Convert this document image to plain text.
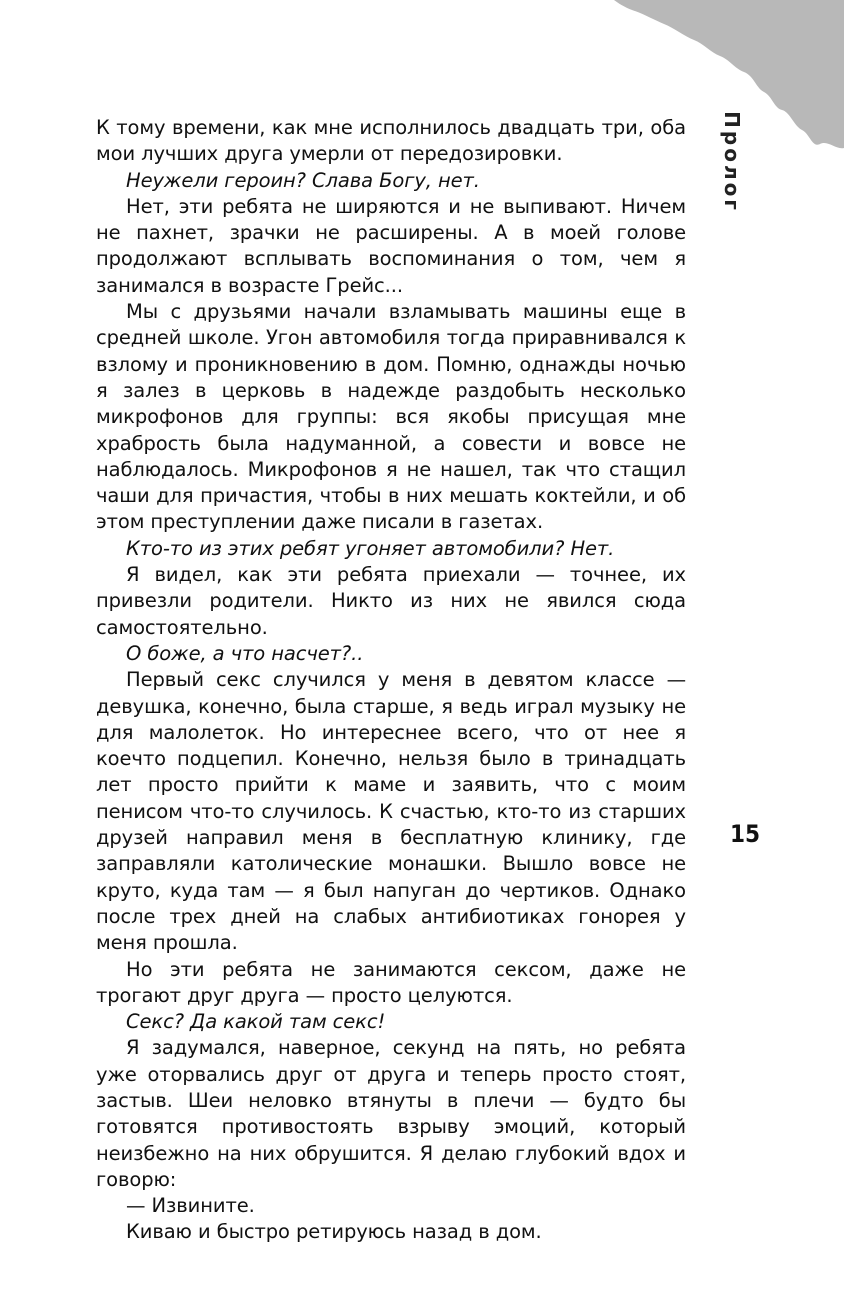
Пролог
15

К тому времени, как мне исполнилось двадцать три, оба мои лучших друга умерли от передозировки.

Неужели героин? Слава Богу, нет.

Нет, эти ребята не ширяются и не выпивают. Ничем не пахнет, зрачки не расширены. А в моей голове продолжают всплывать воспоминания о том, чем я занимался в возрасте Грейс...

Мы с друзьями начали взламывать машины еще в средней школе. Угон автомобиля тогда приравнивался к взлому и проникновению в дом. Помню, однажды ночью я залез в церковь в надежде раздобыть несколько микрофонов для группы: вся якобы присущая мне храбрость была надуманной, а совести и вовсе не наблюдалось. Микрофонов я не нашел, так что стащил чаши для причастия, чтобы в них мешать коктейли, и об этом преступлении даже писали в газетах.

Кто-то из этих ребят угоняет автомобили? Нет.

Я видел, как эти ребята приехали — точнее, их привезли родители. Никто из них не явился сюда самостоятельно.

О боже, а что насчет?..

Первый секс случился у меня в девятом классе — девушка, конечно, была старше, я ведь играл музыку не для малолеток. Но интереснее всего, что от нее я коечто подцепил. Конечно, нельзя было в тринадцать лет просто прийти к маме и заявить, что с моим пенисом что-то случилось. К счастью, кто-то из старших друзей направил меня в бесплатную клинику, где заправляли католические монашки. Вышло вовсе не круто, куда там — я был напуган до чертиков. Однако после трех дней на слабых антибиотиках гонорея у меня прошла.

Но эти ребята не занимаются сексом, даже не трогают друг друга — просто целуются.

Секс? Да какой там секс!

Я задумался, наверное, секунд на пять, но ребята уже оторвались друг от друга и теперь просто стоят, застыв. Шеи неловко втянуты в плечи — будто бы готовятся противостоять взрыву эмоций, который неизбежно на них обрушится. Я делаю глубокий вдох и говорю:

— Извините.

Киваю и быстро ретируюсь назад в дом.
